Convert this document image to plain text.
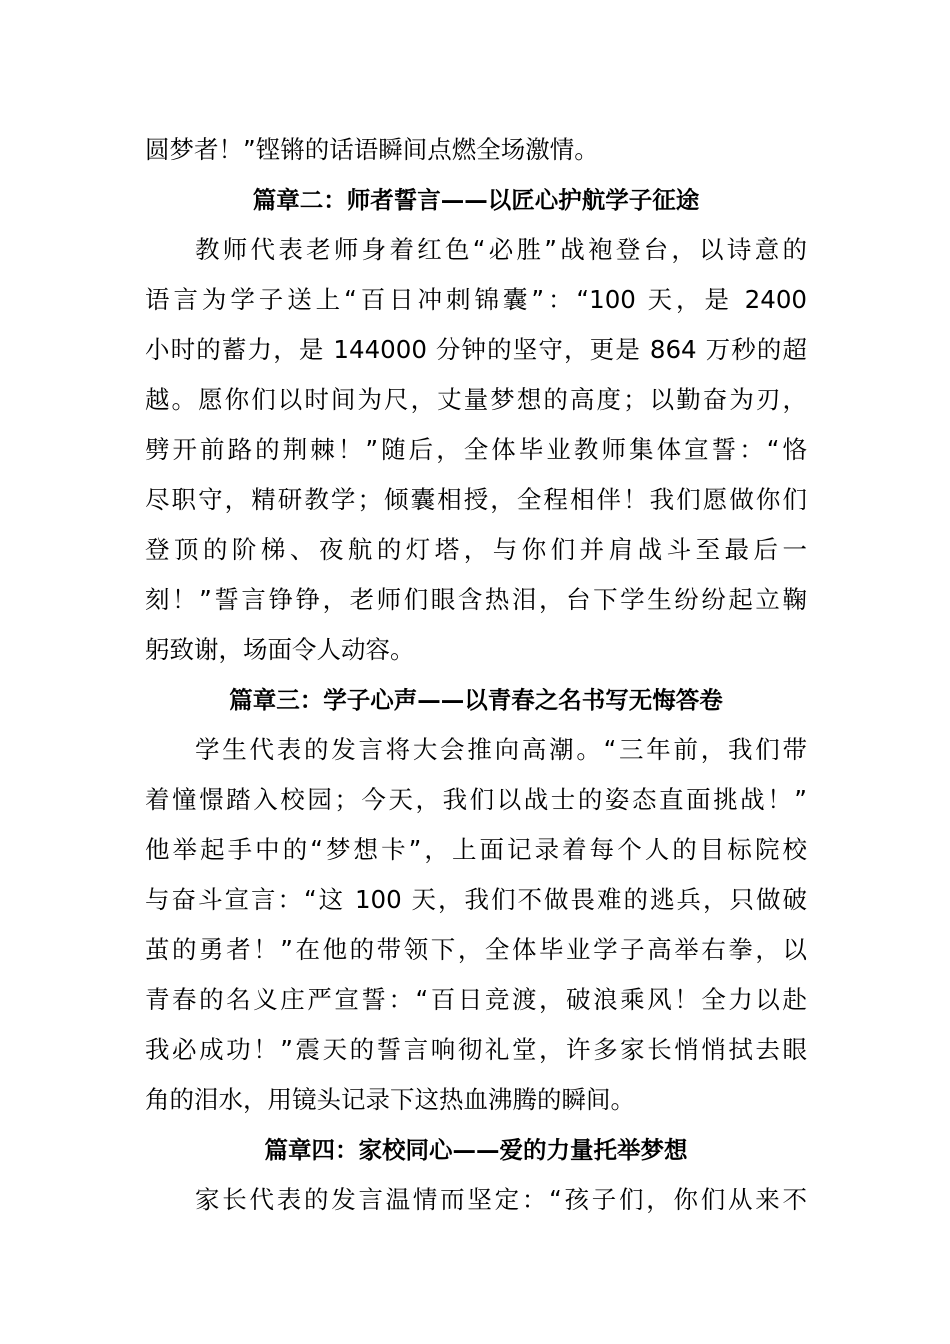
圆梦者！”铿锵的话语瞬间点燃全场激情。
篇章二：师者誓言——以匠心护航学子征途
教师代表老师身着红色“必胜”战袍登台，以诗意的
语言为学子送上“百日冲刺锦囊”：“100 天，是 2400
小时的蓄力，是 144000 分钟的坚守，更是 864 万秒的超
越。愿你们以时间为尺，丈量梦想的高度；以勤奋为刃，
劈开前路的荆棘！”随后，全体毕业教师集体宣誓：“恪
尽职守，精研教学；倾囊相授，全程相伴！我们愿做你们
登顶的阶梯、夜航的灯塔，与你们并肩战斗至最后一
刻！”誓言铮铮，老师们眼含热泪，台下学生纷纷起立鞠
躬致谢，场面令人动容。
篇章三：学子心声——以青春之名书写无悔答卷
学生代表的发言将大会推向高潮。“三年前，我们带
着憧憬踏入校园；今天，我们以战士的姿态直面挑战！”
他举起手中的“梦想卡”，上面记录着每个人的目标院校
与奋斗宣言：“这 100 天，我们不做畏难的逃兵，只做破
茧的勇者！”在他的带领下，全体毕业学子高举右拳，以
青春的名义庄严宣誓：“百日竞渡，破浪乘风！全力以赴
我必成功！”震天的誓言响彻礼堂，许多家长悄悄拭去眼
角的泪水，用镜头记录下这热血沸腾的瞬间。
篇章四：家校同心——爱的力量托举梦想
家长代表的发言温情而坚定：“孩子们，你们从来不
